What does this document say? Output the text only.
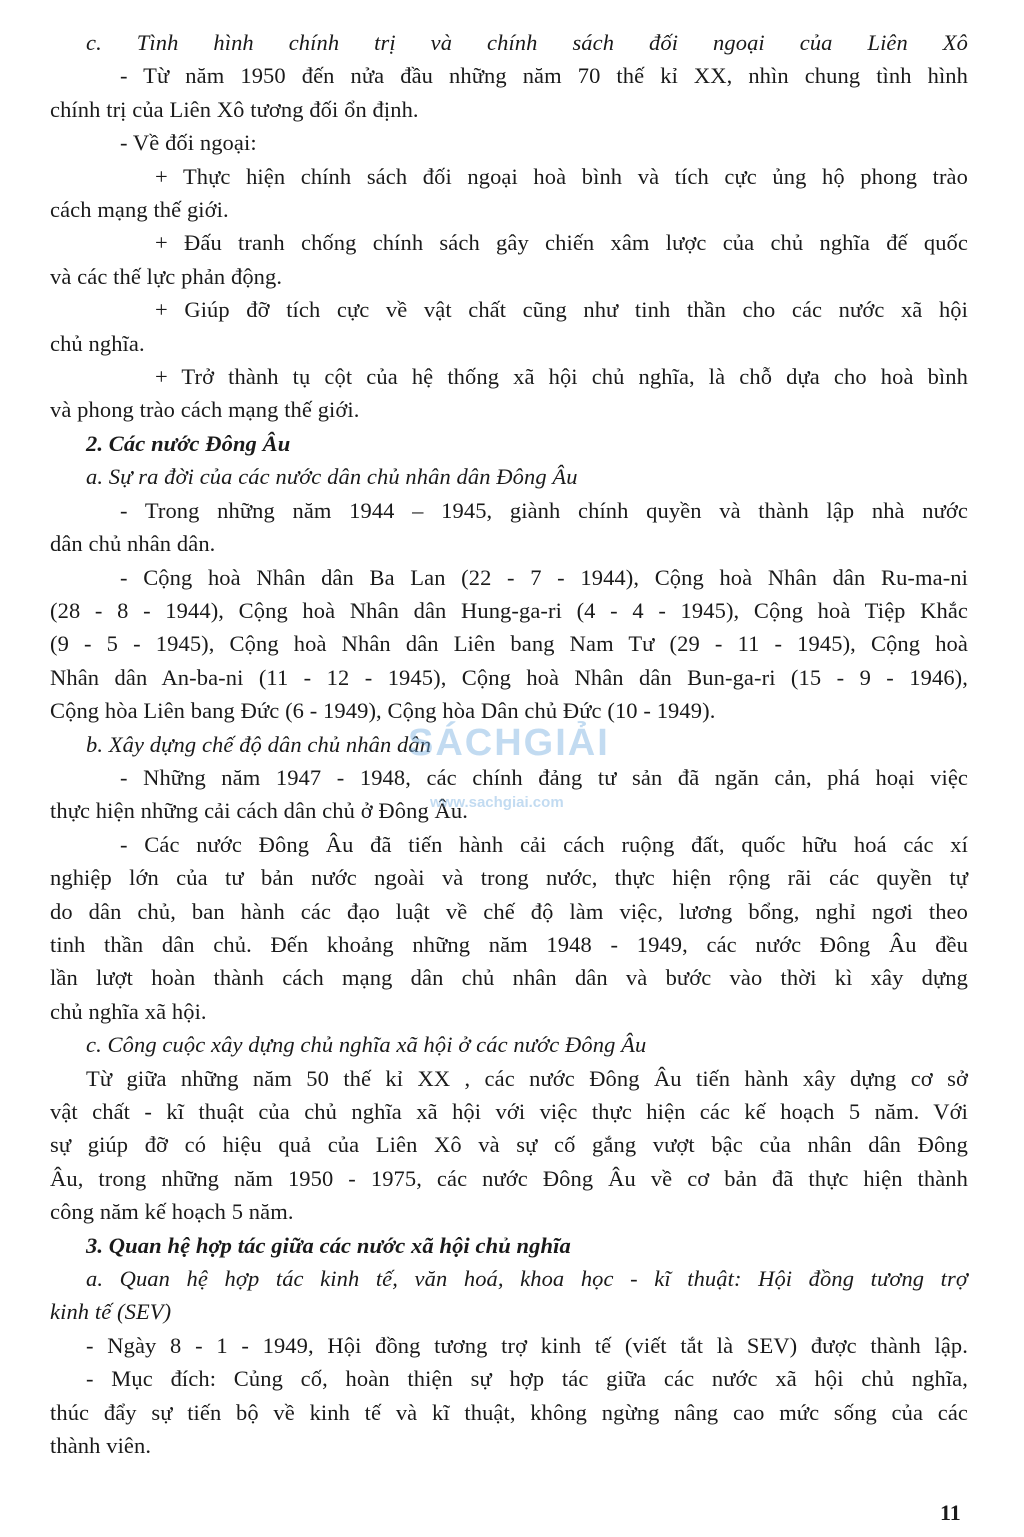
c. Tình hình chính trị và chính sách đối ngoại của Liên Xô
- Từ năm 1950 đến nửa đầu những năm 70 thế kỉ XX, nhìn chung tình hình
chính trị của Liên Xô tương đối ổn định.
- Về đối ngoại:
+ Thực hiện chính sách đối ngoại hoà bình và tích cực ủng hộ phong trào
cách mạng thế giới.
+ Đấu tranh chống chính sách gây chiến xâm lược của chủ nghĩa đế quốc
và các thế lực phản động.
+ Giúp đỡ tích cực về vật chất cũng như tinh thần cho các nước xã hội
chủ nghĩa.
+ Trở thành tụ cột của hệ thống xã hội chủ nghĩa, là chỗ dựa cho hoà bình
và phong trào cách mạng thế giới.
2. Các nước Đông Âu
a. Sự ra đời của các nước dân chủ nhân dân Đông Âu
- Trong những năm 1944 – 1945, giành chính quyền và thành lập nhà nước
dân chủ nhân dân.
- Cộng hoà Nhân dân Ba Lan (22 - 7 - 1944), Cộng hoà Nhân dân Ru-ma-ni
(28 - 8 - 1944), Cộng hoà Nhân dân Hung-ga-ri (4 - 4 - 1945), Cộng hoà Tiệp Khắc
(9 - 5 - 1945), Cộng hoà Nhân dân Liên bang Nam Tư (29 - 11 - 1945), Cộng hoà
Nhân dân An-ba-ni (11 - 12 - 1945), Cộng hoà Nhân dân Bun-ga-ri (15 - 9 - 1946),
Cộng hòa Liên bang Đức (6 - 1949), Cộng hòa Dân chủ Đức (10 - 1949).
b. Xây dựng chế độ dân chủ nhân dân
- Những năm 1947 - 1948, các chính đảng tư sản đã ngăn cản, phá hoại việc
thực hiện những cải cách dân chủ ở Đông Âu.
- Các nước Đông Âu đã tiến hành cải cách ruộng đất, quốc hữu hoá các xí
nghiệp lớn của tư bản nước ngoài và trong nước, thực hiện rộng rãi các quyền tự
do dân chủ, ban hành các đạo luật về chế độ làm việc, lương bổng, nghỉ ngơi theo
tinh thần dân chủ. Đến khoảng những năm 1948 - 1949, các nước Đông Âu đều
lần lượt hoàn thành cách mạng dân chủ nhân dân và bước vào thời kì xây dựng
chủ nghĩa xã hội.
c. Công cuộc xây dựng chủ nghĩa xã hội ở các nước Đông Âu
Từ giữa những năm 50 thế kỉ XX , các nước Đông Âu tiến hành xây dựng cơ sở
vật chất - kĩ thuật của chủ nghĩa xã hội với việc thực hiện các kế hoạch 5 năm. Với
sự giúp đỡ có hiệu quả của Liên Xô và sự cố gắng vượt bậc của nhân dân Đông
Âu, trong những năm 1950 - 1975, các nước Đông Âu về cơ bản đã thực hiện thành
công năm kế hoạch 5 năm.
3. Quan hệ hợp tác giữa các nước xã hội chủ nghĩa
a. Quan hệ hợp tác kinh tế, văn hoá, khoa học - kĩ thuật: Hội đồng tương trợ
kinh tế (SEV)
- Ngày 8 - 1 - 1949, Hội đồng tương trợ kinh tế (viết tắt là SEV) được thành lập.
- Mục đích: Củng cố, hoàn thiện sự hợp tác giữa các nước xã hội chủ nghĩa,
thúc đẩy sự tiến bộ về kinh tế và kĩ thuật, không ngừng nâng cao mức sống của các
thành viên.
SÁCHGIẢI
www.sachgiai.com
11
